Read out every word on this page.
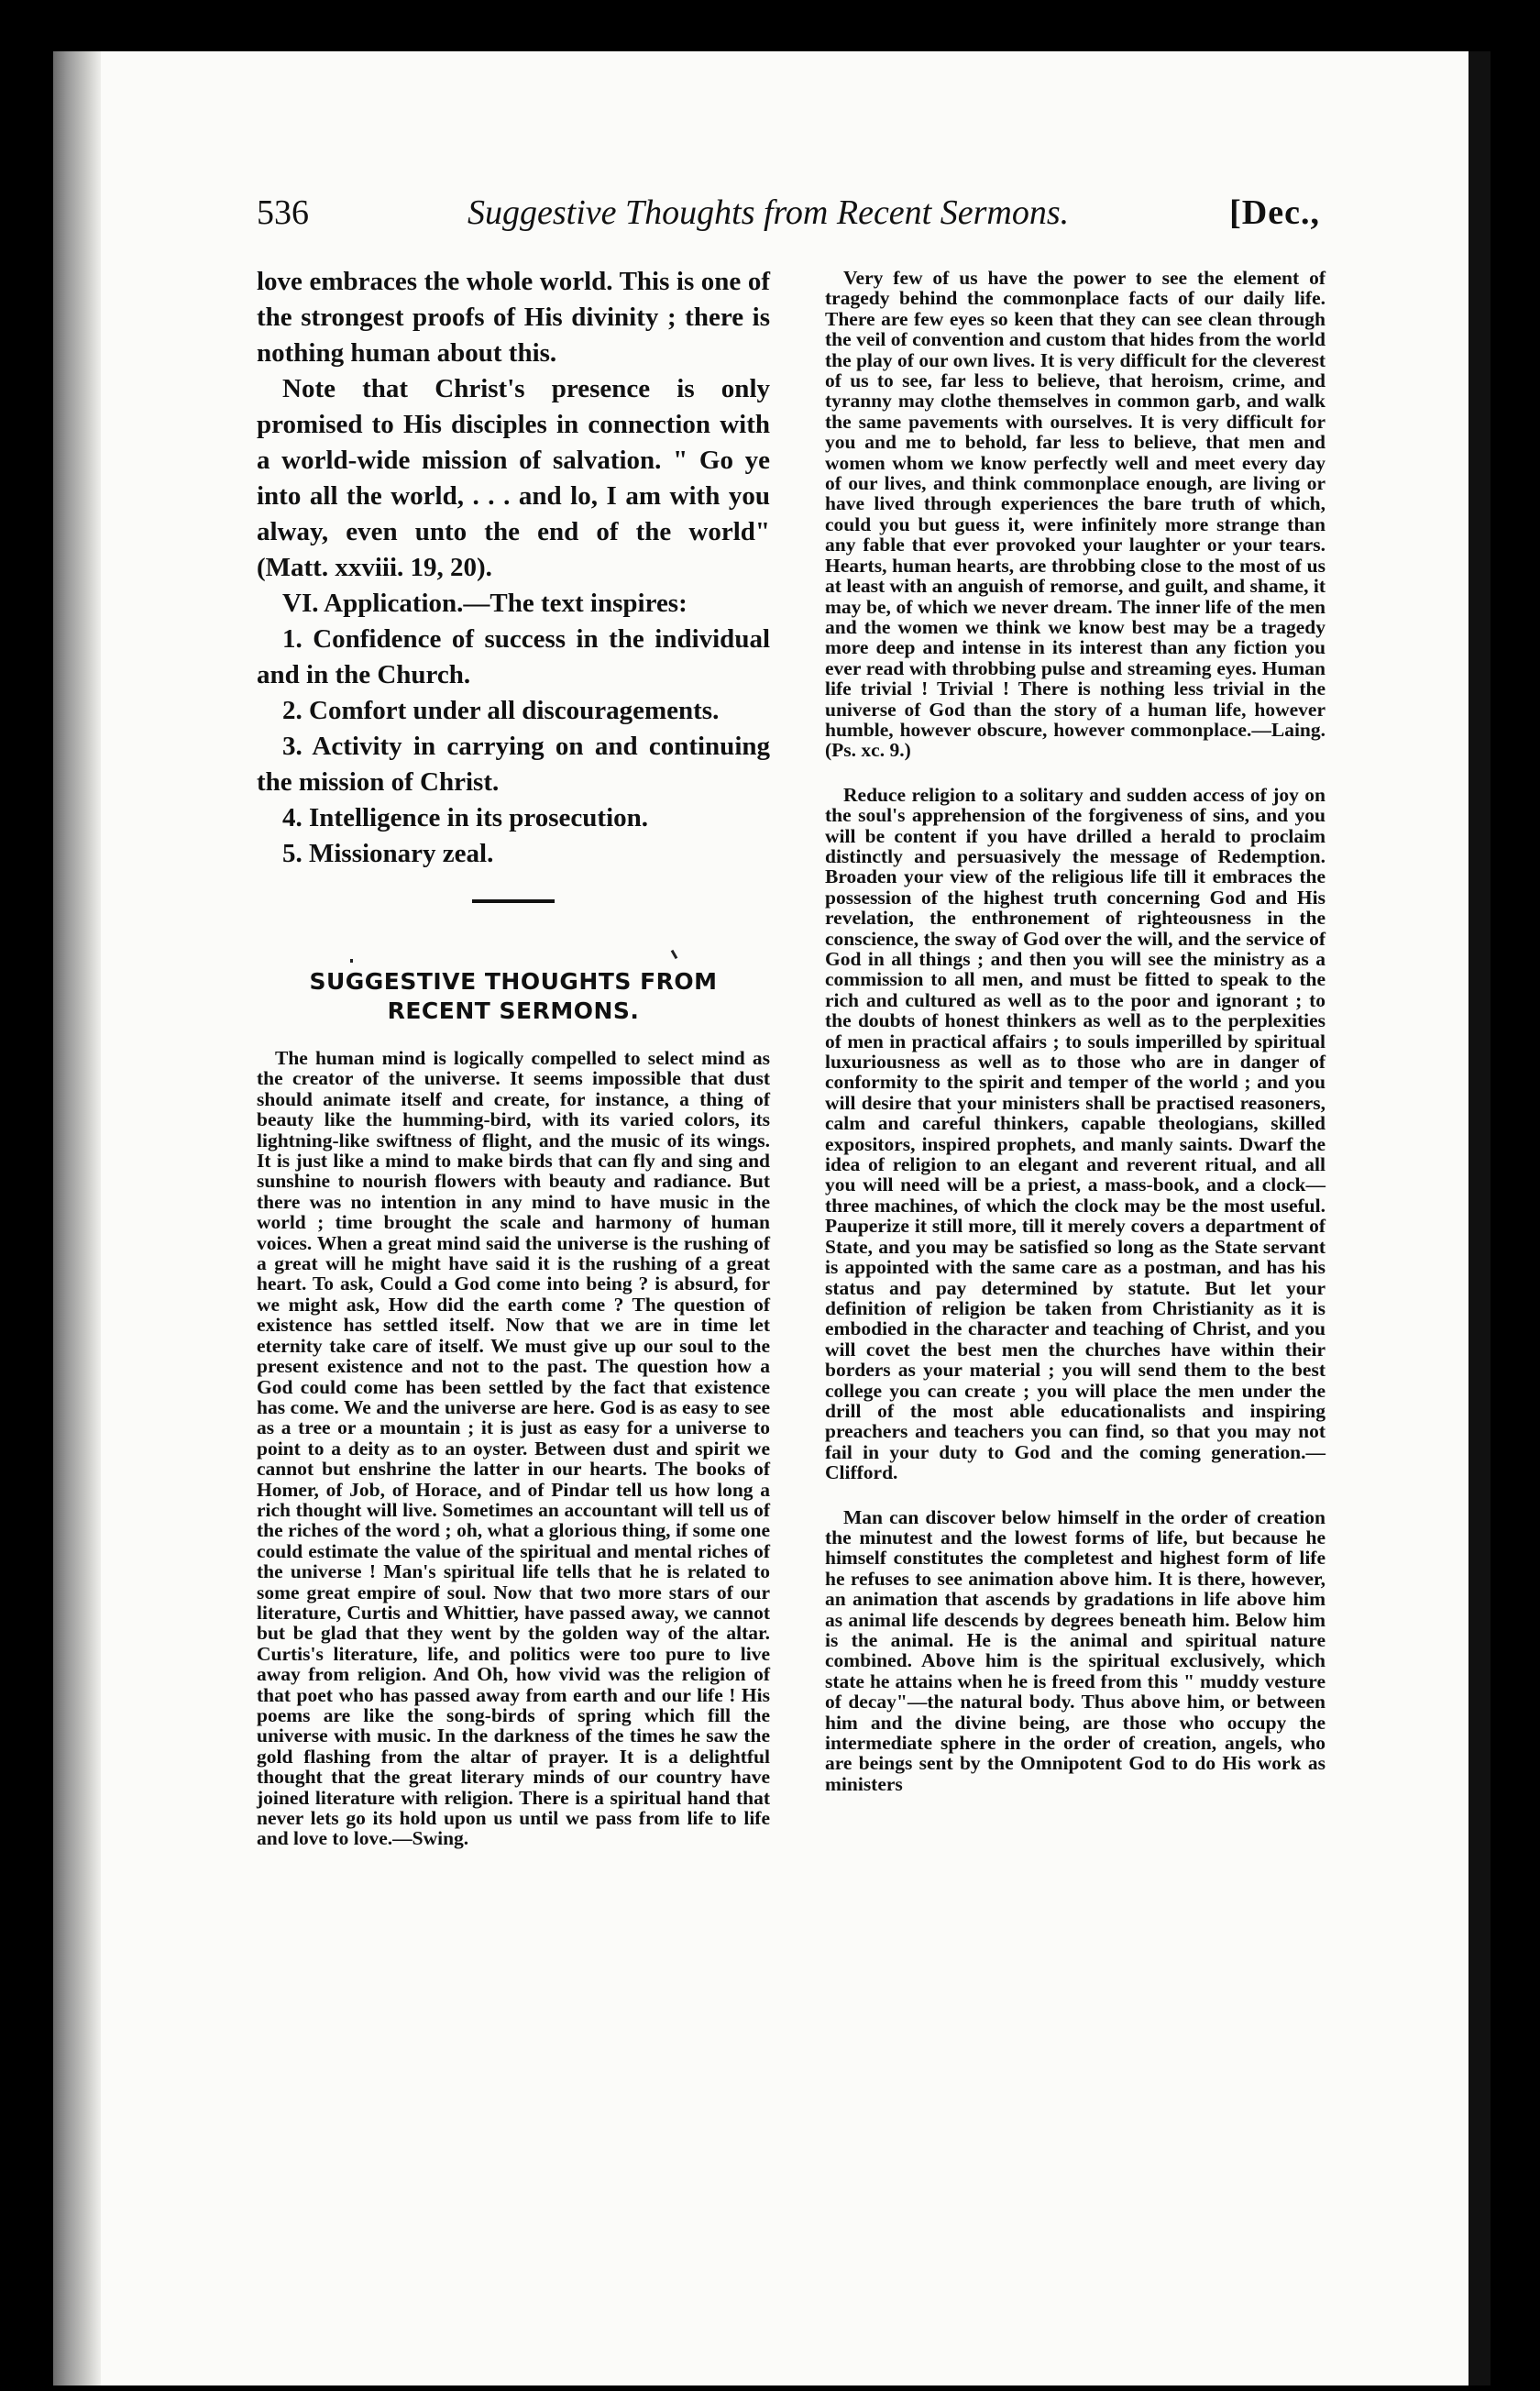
536	Suggestive Thoughts from Recent Sermons.	[Dec.,

love embraces the whole world. This is one of the strongest proofs of His divinity ; there is nothing human about this.

Note that Christ's presence is only promised to His disciples in connection with a world-wide mission of salvation. " Go ye into all the world, . . . and lo, I am with you alway, even unto the end of the world" (Matt. xxviii. 19, 20).

VI. Application.—The text inspires:

1. Confidence of success in the individual and in the Church.

2. Comfort under all discouragements.

3. Activity in carrying on and continuing the mission of Christ.

4. Intelligence in its prosecution.

5. Missionary zeal.

SUGGESTIVE THOUGHTS FROM RECENT SERMONS.

The human mind is logically compelled to select mind as the creator of the universe. It seems impossible that dust should animate itself and create, for instance, a thing of beauty like the humming-bird, with its varied colors, its lightning-like swiftness of flight, and the music of its wings. It is just like a mind to make birds that can fly and sing and sunshine to nourish flowers with beauty and radiance. But there was no intention in any mind to have music in the world ; time brought the scale and harmony of human voices. When a great mind said the universe is the rushing of a great will he might have said it is the rushing of a great heart. To ask, Could a God come into being ? is absurd, for we might ask, How did the earth come ? The question of existence has settled itself. Now that we are in time let eternity take care of itself. We must give up our soul to the present existence and not to the past. The question how a God could come has been settled by the fact that existence has come. We and the universe are here. God is as easy to see as a tree or a mountain ; it is just as easy for a universe to point to a deity as to an oyster. Between dust and spirit we cannot but enshrine the latter in our hearts. The books of Homer, of Job, of Horace, and of Pindar tell us how long a rich thought will live. Sometimes an accountant will tell us of the riches of the word ; oh, what a glorious thing, if some one could estimate the value of the spiritual and mental riches of the universe ! Man's spiritual life tells that he is related to some great empire of soul. Now that two more stars of our literature, Curtis and Whittier, have passed away, we cannot but be glad that they went by the golden way of the altar. Curtis's literature, life, and politics were too pure to live away from religion. And Oh, how vivid was the religion of that poet who has passed away from earth and our life ! His poems are like the song-birds of spring which fill the universe with music. In the darkness of the times he saw the gold flashing from the altar of prayer. It is a delightful thought that the great literary minds of our country have joined literature with religion. There is a spiritual hand that never lets go its hold upon us until we pass from life to life and love to love.—Swing.

Very few of us have the power to see the element of tragedy behind the commonplace facts of our daily life. There are few eyes so keen that they can see clean through the veil of convention and custom that hides from the world the play of our own lives. It is very difficult for the cleverest of us to see, far less to believe, that heroism, crime, and tyranny may clothe themselves in common garb, and walk the same pavements with ourselves. It is very difficult for you and me to behold, far less to believe, that men and women whom we know perfectly well and meet every day of our lives, and think commonplace enough, are living or have lived through experiences the bare truth of which, could you but guess it, were infinitely more strange than any fable that ever provoked your laughter or your tears. Hearts, human hearts, are throbbing close to the most of us at least with an anguish of remorse, and guilt, and shame, it may be, of which we never dream. The inner life of the men and the women we think we know best may be a tragedy more deep and intense in its interest than any fiction you ever read with throbbing pulse and streaming eyes. Human life trivial ! Trivial ! There is nothing less trivial in the universe of God than the story of a human life, however humble, however obscure, however commonplace.—Laing. (Ps. xc. 9.)

Reduce religion to a solitary and sudden access of joy on the soul's apprehension of the forgiveness of sins, and you will be content if you have drilled a herald to proclaim distinctly and persuasively the message of Redemption. Broaden your view of the religious life till it embraces the possession of the highest truth concerning God and His revelation, the enthronement of righteousness in the conscience, the sway of God over the will, and the service of God in all things ; and then you will see the ministry as a commission to all men, and must be fitted to speak to the rich and cultured as well as to the poor and ignorant ; to the doubts of honest thinkers as well as to the perplexities of men in practical affairs ; to souls imperilled by spiritual luxuriousness as well as to those who are in danger of conformity to the spirit and temper of the world ; and you will desire that your ministers shall be practised reasoners, calm and careful thinkers, capable theologians, skilled expositors, inspired prophets, and manly saints. Dwarf the idea of religion to an elegant and reverent ritual, and all you will need will be a priest, a mass-book, and a clock—three machines, of which the clock may be the most useful. Pauperize it still more, till it merely covers a department of State, and you may be satisfied so long as the State servant is appointed with the same care as a postman, and has his status and pay determined by statute. But let your definition of religion be taken from Christianity as it is embodied in the character and teaching of Christ, and you will covet the best men the churches have within their borders as your material ; you will send them to the best college you can create ; you will place the men under the drill of the most able educationalists and inspiring preachers and teachers you can find, so that you may not fail in your duty to God and the coming generation.—Clifford.

Man can discover below himself in the order of creation the minutest and the lowest forms of life, but because he himself constitutes the completest and highest form of life he refuses to see animation above him. It is there, however, an animation that ascends by gradations in life above him as animal life descends by degrees beneath him. Below him is the animal. He is the animal and spiritual nature combined. Above him is the spiritual exclusively, which state he attains when he is freed from this " muddy vesture of decay"—the natural body. Thus above him, or between him and the divine being, are those who occupy the intermediate sphere in the order of creation, angels, who are beings sent by the Omnipotent God to do His work as ministers
